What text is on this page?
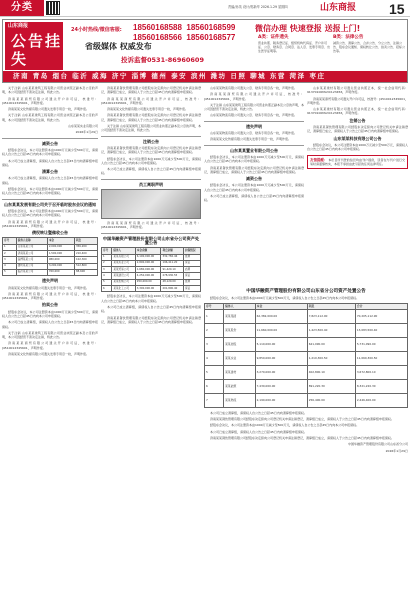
分类	责编/孙英 设计/郭新华 2026.1.29 星期四	山东商报 15
山东商报
公告挂失
24小时热线/微信客服: 18560168588 18560168599
18560168566 18560168577
省级媒体 权威发布
投诉监督0531-86960609
微信办理 快速登报 送报上门!
A类：证件遗失
营业执照、税务登记证、组织机构代码证、开户许可证、公章、财务章、合同章、法人章、发票专用章、出生医学证明等。
B类：法律公告
减资公告、清算公告、合并公告、分立公告、注销公告、股东会议通知、债权转让公告、拍卖公告、招标公告等。
济南 青岛 烟台 临沂 威海 济宁 淄博 德州 泰安 滨州 潍坊 日照 聊城 东营 菏泽 枣庄

关于注销 山东某某建筑工程有限公司营业执照正副本及公章的声明，本公司因经营不善决定注销，特此公告。

济南某某商贸有限公司遗失开户许可证，核准号：J4510012345601，声明作废。

济南某某文化传媒有限公司遗失发票专用章一枚，声明作废。

关于注销 山东某某建筑工程有限公司营业执照正副本及公章的声明，本公司因经营不善决定注销，特此公告。

山东某某实业有限公司
2026年1月29日
减资公告

经股东会决议，本公司注册资本由1000万元减少至500万元，请债权人自公告之日起45日内向本公司申报债权。

本公司已成立清算组，请债权人自公告之日起45日内向清算组申报债权。

清算公告

本公司已成立清算组，请债权人自公告之日起45日内向清算组申报债权。

经股东会决议，本公司注册资本由1000万元减少至500万元，请债权人自公告之日起45日内向本公司申报债权。

山东某某发展有限公司关于召开临时股东会议的通知

经股东会决议，本公司注册资本由1000万元减少至500万元，请债权人自公告之日起45日内向本公司申报债权。

济南某某商贸有限公司遗失开户许可证，核准号：J4510012345601，声明作废。

债权转让暨催收公告
序号	债务人名称	本金	利息
1	山东某某公司	2,000,000	356,200
2	济南某某公司	1,500,000	210,400
3	淄博某某公司	980,000	102,300
4	潍坊某某公司	3,200,000	512,800
5	临沂某某公司	760,000	88,600
遗失声明

济南某某文化传媒有限公司遗失发票专用章一枚，声明作废。

济南某某商贸有限公司遗失开户许可证，核准号：J4510012345601，声明作废。

拍卖公告

经股东会决议，本公司注册资本由1000万元减少至500万元，请债权人自公告之日起45日内向本公司申报债权。

本公司已成立清算组，请债权人自公告之日起45日内向清算组申报债权。

关于注销 山东某某建筑工程有限公司营业执照正副本及公章的声明，本公司因经营不善决定注销，特此公告。

济南某某商贸有限公司遗失开户许可证，核准号：J4510012345601，声明作废。

济南某某文化传媒有限公司遗失发票专用章一枚，声明作废。

济南某某餐饮管理有限公司经股东决定拟向公司登记机关申请注销登记，清算组已成立，请债权人于公告之日起45日内向清算组申报债权。

济南某某商贸有限公司遗失开户许可证，核准号：J4510012345601，声明作废。

济南某某文化传媒有限公司遗失发票专用章一枚，声明作废。

济南某某餐饮管理有限公司经股东决定拟向公司登记机关申请注销登记，清算组已成立，请债权人于公告之日起45日内向清算组申报债权。

关于注销 山东某某建筑工程有限公司营业执照正副本及公章的声明，本公司因经营不善决定注销，特此公告。

注销公告

济南某某餐饮管理有限公司经股东决定拟向公司登记机关申请注销登记，清算组已成立，请债权人于公告之日起45日内向清算组申报债权。

经股东会决议，本公司注册资本由1000万元减少至500万元，请债权人自公告之日起45日内向本公司申报债权。

本公司已成立清算组，请债权人自公告之日起45日内向清算组申报债权。

员工离职声明

济南某某商贸有限公司遗失开户许可证，核准号：J4510012345601，声明作废。

中国华融资产管理股份有限公司山东省分公司资产处置公告
序号	债务人	本金余额	利息余额	担保情况
1	某某有限公司	6,100,000.00	332,782.46	抵押
2	某某实业公司	2,800,000.00	196,411.20	保证
3	某某贸易公司	1,680,000.00	91,420.10	质押
4	某某建设公司	4,250,000.00	278,930.55	保证
5	某某机械公司	950,000.00	48,120.00	抵押
6	某某化工公司	3,300,000.00	201,800.40	保证

经股东会决议，本公司注册资本由1000万元减少至500万元，请债权人自公告之日起45日内向本公司申报债权。

本公司已成立清算组，请债权人自公告之日起45日内向清算组申报债权。

济南某某餐饮管理有限公司经股东决定拟向公司登记机关申请注销登记，清算组已成立，请债权人于公告之日起45日内向清算组申报债权。

山东某某物流有限公司遗失公章、财务专用章各一枚，声明作废。

济南某某商贸有限公司遗失开户许可证，核准号：J4510012345601，声明作废。

关于注销 山东某某建筑工程有限公司营业执照正副本及公章的声明，本公司因经营不善决定注销，特此公告。

山东某某物流有限公司遗失公章、财务专用章各一枚，声明作废。

遗失声明

山东某某物流有限公司遗失公章、财务专用章各一枚，声明作废。

济南某某文化传媒有限公司遗失发票专用章一枚，声明作废。

山东某某置业有限公司公告

经股东会决议，本公司注册资本由1000万元减少至500万元，请债权人自公告之日起45日内向本公司申报债权。

济南某某餐饮管理有限公司经股东决定拟向公司登记机关申请注销登记，清算组已成立，请债权人于公告之日起45日内向清算组申报债权。

减资公告

经股东会决议，本公司注册资本由1000万元减少至500万元，请债权人自公告之日起45日内向本公司申报债权。

本公司已成立清算组，请债权人自公告之日起45日内向清算组申报债权。

山东某某建材有限公司遗失营业执照正本，统一社会信用代码：91370100MA3C123456，声明作废。

济南某某商贸有限公司遗失开户许可证，核准号：J4510012345601，声明作废。

山东某某建材有限公司遗失营业执照正本，统一社会信用代码：91370100MA3C123456，声明作废。

注销公告

济南某某餐饮管理有限公司经股东决定拟向公司登记机关申请注销登记，清算组已成立，请债权人于公告之日起45日内向清算组申报债权。

山东某某科技有限公司公告

经股东会决议，本公司注册资本由1000万元减少至500万元，请债权人自公告之日起45日内向本公司申报债权。

友情提醒： 本栏目所刊登的信息均由刊户提供，读者在与刊户进行交易时请谨慎核实，本报不承担由此引起的任何法律责任。
中国华融资产管理股份有限公司山东省分公司资产处置公告

经股东会决议，本公司注册资本由1000万元减少至500万元，请债权人自公告之日起45日内向本公司申报债权。

序号	债务人	本金	利息	合计
1	某某集团	62,382,000.00	7,823,112.90	70,205,112.90
2	某某股份	11,660,000.00	1,423,500.40	13,083,500.40
3	某某控股	5,110,000.00	621,090.00	5,731,090.00
4	某某实业	9,850,000.00	1,210,300.50	11,060,300.50
5	某某建材	3,270,000.00	402,800.10	3,672,800.10
6	某某能源	7,430,000.00	891,220.30	8,321,220.30
7	某某物流	2,190,000.00	256,400.00	2,446,400.00

本公司已成立清算组，请债权人自公告之日起45日内向清算组申报债权。

济南某某餐饮管理有限公司经股东决定拟向公司登记机关申请注销登记，清算组已成立，请债权人于公告之日起45日内向清算组申报债权。

经股东会决议，本公司注册资本由1000万元减少至500万元，请债权人自公告之日起45日内向本公司申报债权。

本公司已成立清算组，请债权人自公告之日起45日内向清算组申报债权。

济南某某餐饮管理有限公司经股东决定拟向公司登记机关申请注销登记，清算组已成立，请债权人于公告之日起45日内向清算组申报债权。

中国华融资产管理股份有限公司山东省分公司
2026年1月29日
